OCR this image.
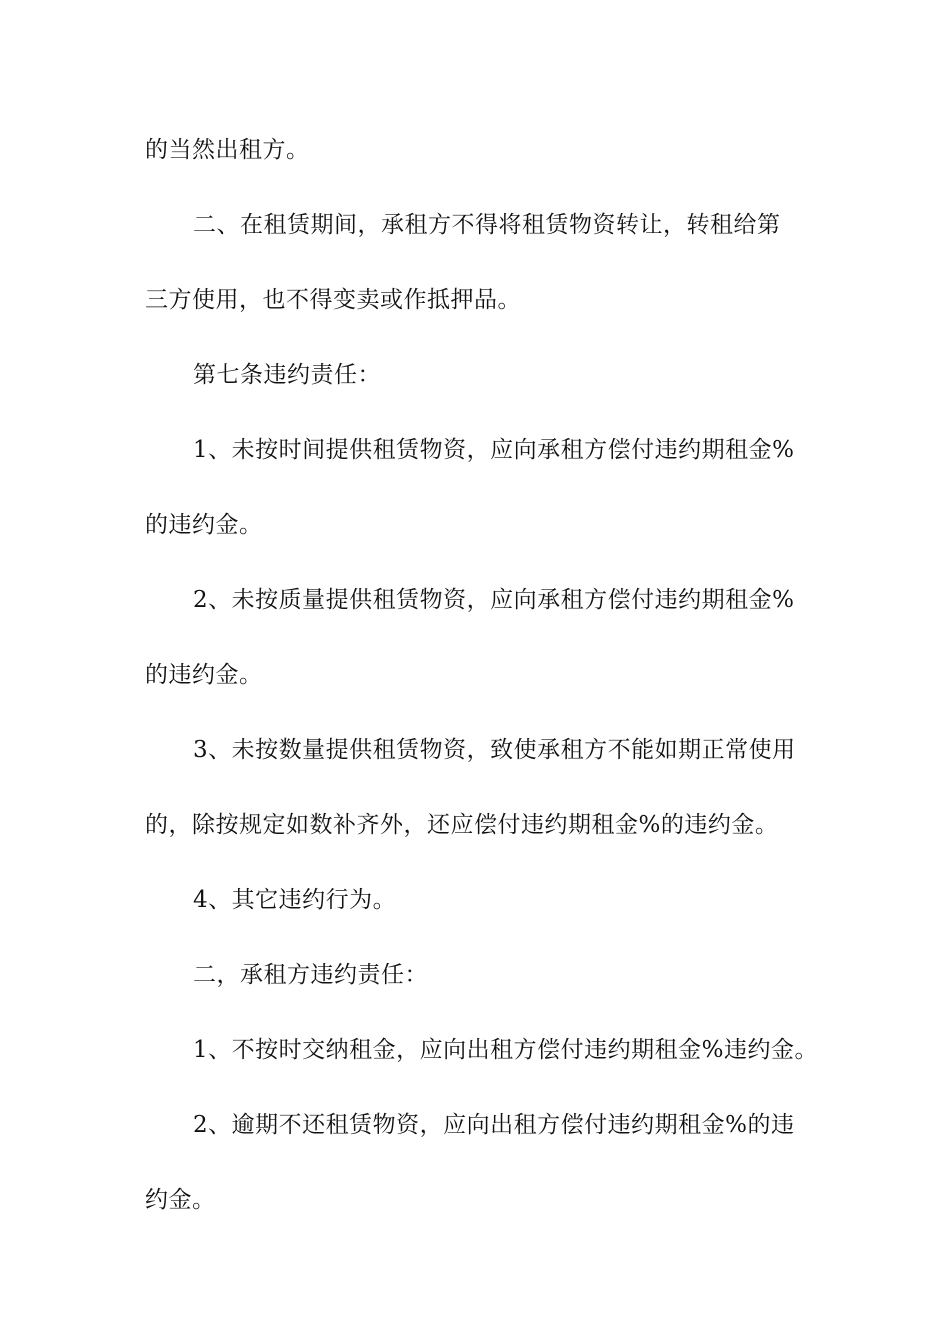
的当然出租方。
二、在租赁期间，承租方不得将租赁物资转让，转租给第
三方使用，也不得变卖或作抵押品。
第七条违约责任：
1、未按时间提供租赁物资，应向承租方偿付违约期租金%
的违约金。
2、未按质量提供租赁物资，应向承租方偿付违约期租金%
的违约金。
3、未按数量提供租赁物资，致使承租方不能如期正常使用
的，除按规定如数补齐外，还应偿付违约期租金%的违约金。
4、其它违约行为。
二，承租方违约责任：
1、不按时交纳租金，应向出租方偿付违约期租金%违约金。
2、逾期不还租赁物资，应向出租方偿付违约期租金%的违
约金。
